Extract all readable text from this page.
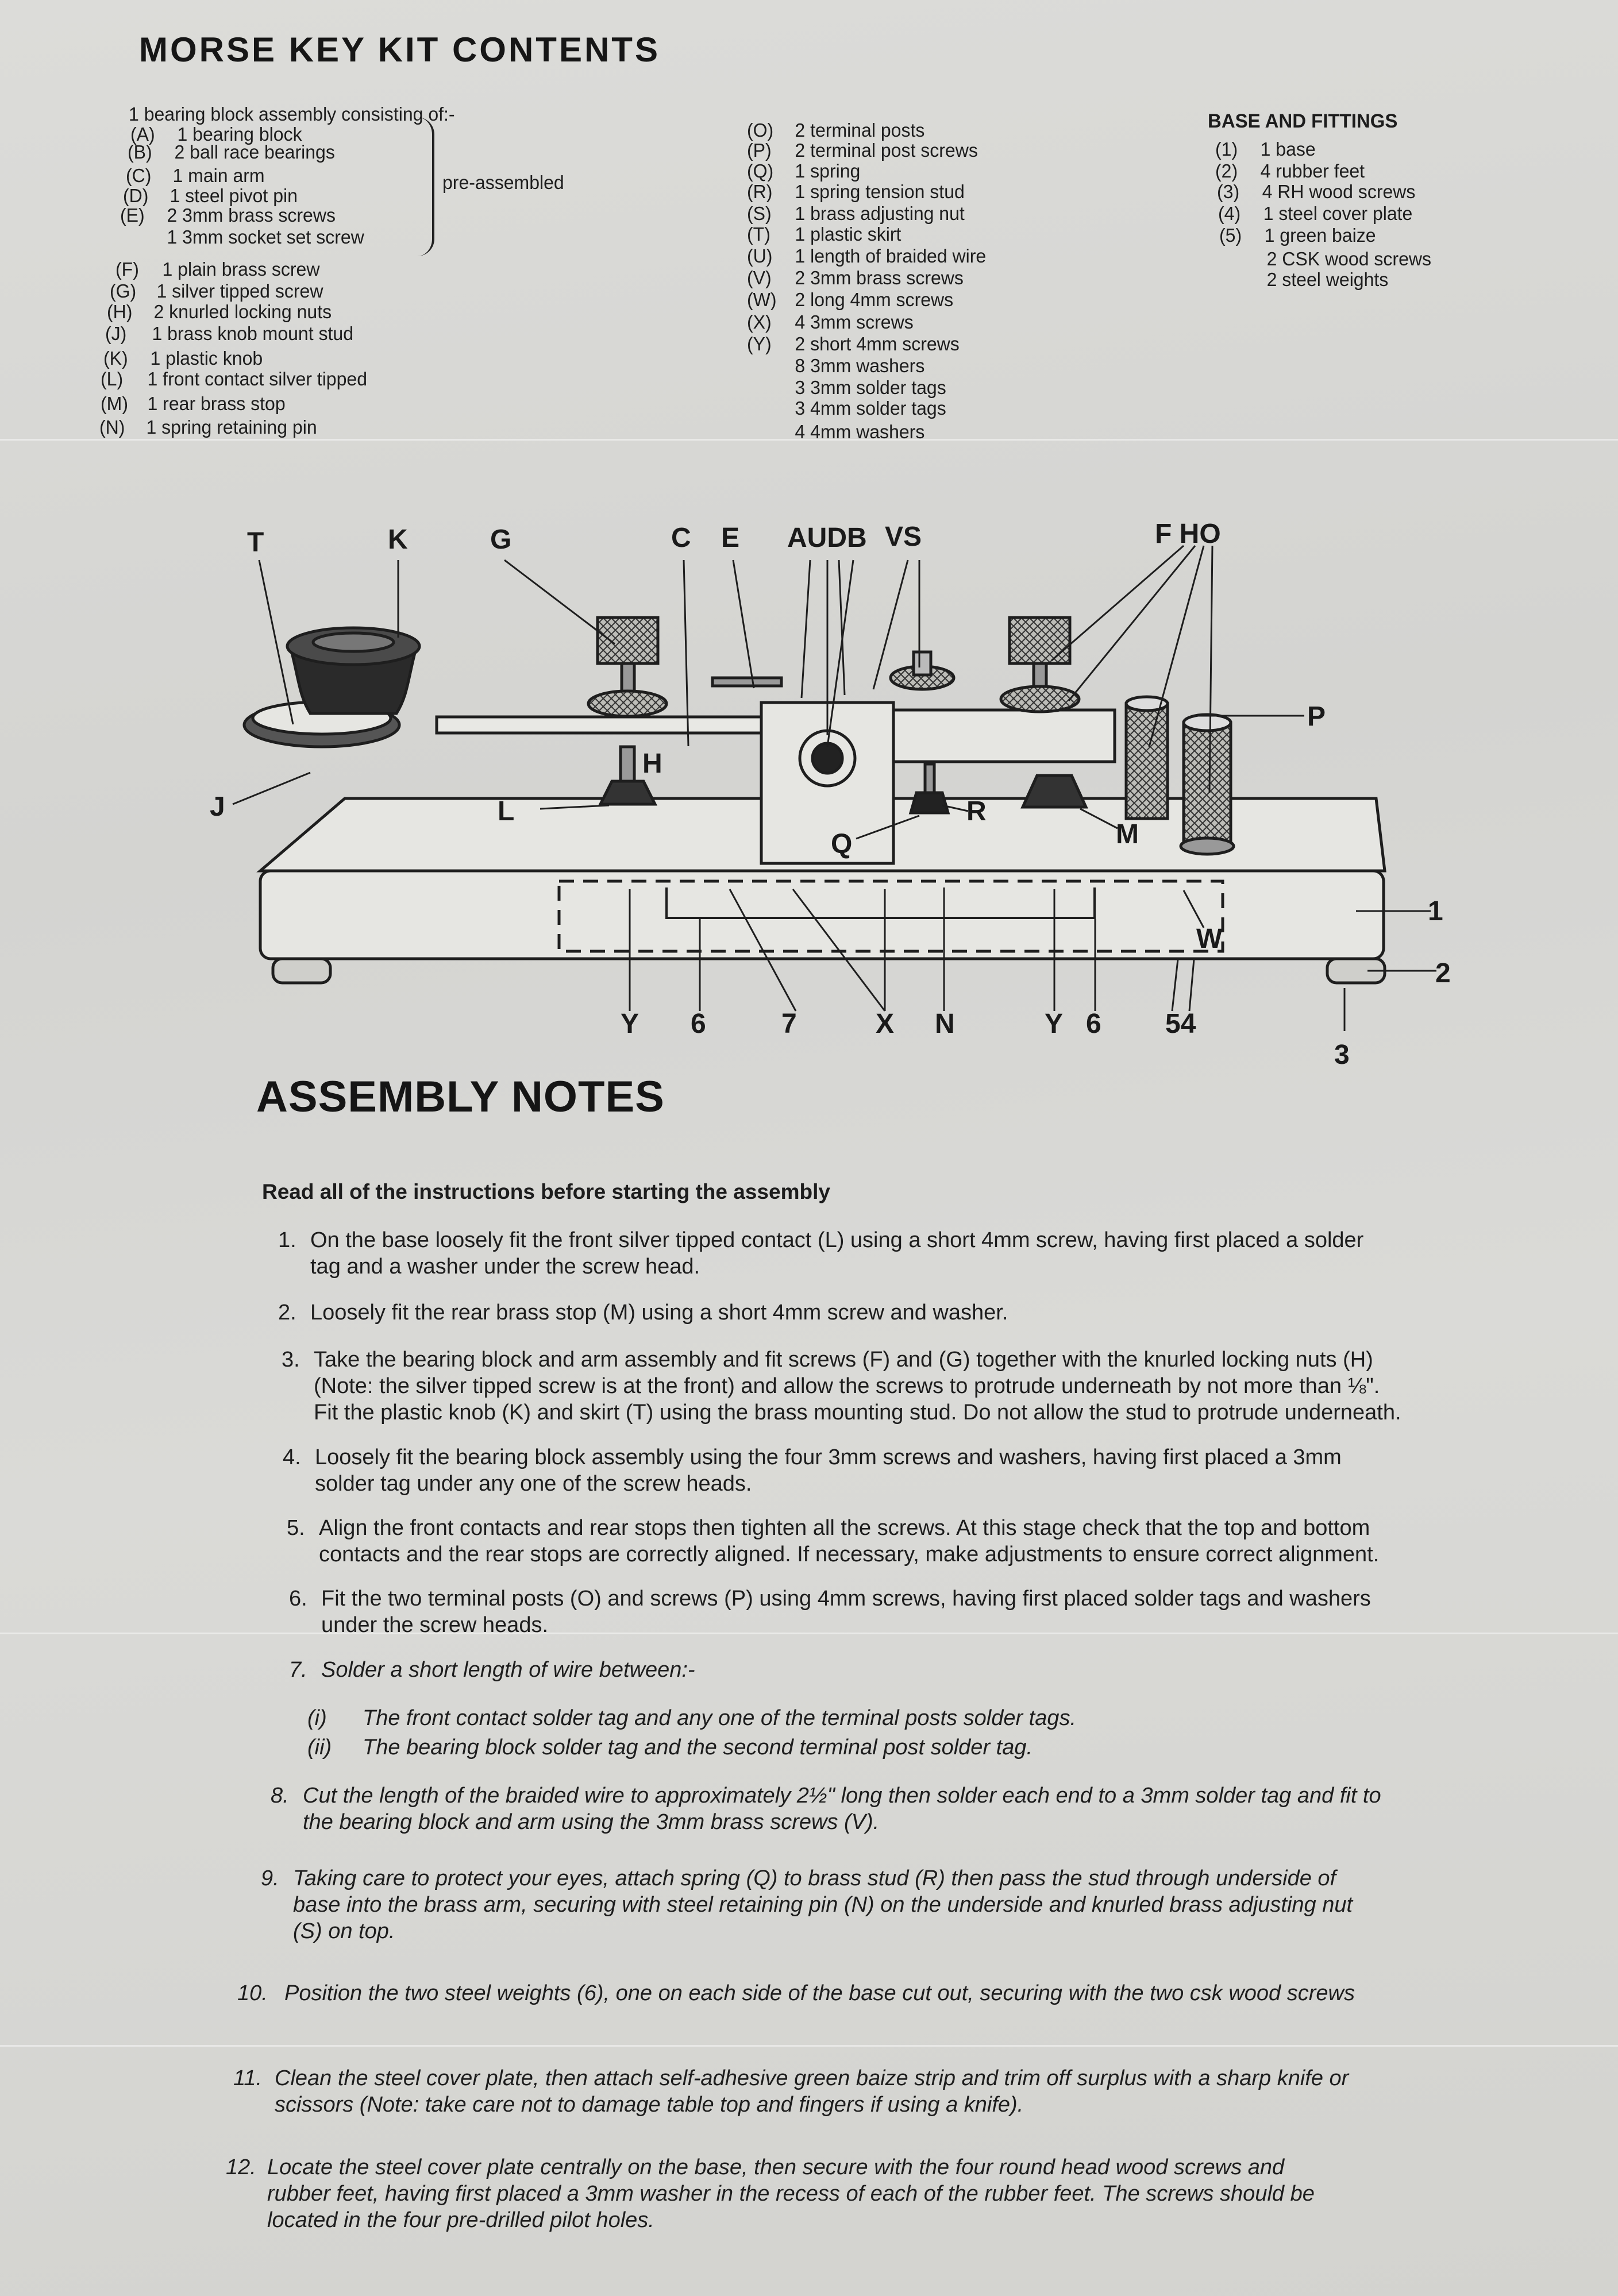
MORSE KEY KIT CONTENTS
1 bearing block assembly consisting of:-
(A) 1 bearing block
(B) 2 ball race bearings
(C) 1 main arm
(D) 1 steel pivot pin
(E) 2 3mm brass screws
1 3mm socket set screw
pre-assembled
(F) 1 plain brass screw
(G) 1 silver tipped screw
(H) 2 knurled locking nuts
(J) 1 brass knob mount stud
(K) 1 plastic knob
(L) 1 front contact silver tipped
(M) 1 rear brass stop
(N) 1 spring retaining pin
(O) 2 terminal posts
(P) 2 terminal post screws
(Q) 1 spring
(R) 1 spring tension stud
(S) 1 brass adjusting nut
(T) 1 plastic skirt
(U) 1 length of braided wire
(V) 2 3mm brass screws
(W) 2 long 4mm screws
(X) 4 3mm screws
(Y) 2 short 4mm screws
8 3mm washers
3 3mm solder tags
3 4mm solder tags
4 4mm washers
BASE AND FITTINGS
(1) 1 base
(2) 4 rubber feet
(3) 4 RH wood screws
(4) 1 steel cover plate
(5) 1 green baize
2 CSK wood screws
2 steel weights
T	K	G	C E AUDB VS	F HO
P
J
H
L	R
Q	M
W
1
2
3
Y 6	7	X N	Y 6 54
ASSEMBLY NOTES
Read all of the instructions before starting the assembly
1. On the base loosely fit the front silver tipped contact (L) using a short 4mm screw, having first placed a solder
tag and a washer under the screw head.
2. Loosely fit the rear brass stop (M) using a short 4mm screw and washer.
3. Take the bearing block and arm assembly and fit screws (F) and (G) together with the knurled locking nuts (H)
(Note: the silver tipped screw is at the front) and allow the screws to protrude underneath by not more than ⅛".
Fit the plastic knob (K) and skirt (T) using the brass mounting stud. Do not allow the stud to protrude underneath.
4. Loosely fit the bearing block assembly using the four 3mm screws and washers, having first placed a 3mm
solder tag under any one of the screw heads.
5. Align the front contacts and rear stops then tighten all the screws. At this stage check that the top and bottom
contacts and the rear stops are correctly aligned. If necessary, make adjustments to ensure correct alignment.
6. Fit the two terminal posts (O) and screws (P) using 4mm screws, having first placed solder tags and washers
under the screw heads.
7. Solder a short length of wire between:-
(i) The front contact solder tag and any one of the terminal posts solder tags.
(ii) The bearing block solder tag and the second terminal post solder tag.
8. Cut the length of the braided wire to approximately 2½" long then solder each end to a 3mm solder tag and fit to
the bearing block and arm using the 3mm brass screws (V).
9. Taking care to protect your eyes, attach spring (Q) to brass stud (R) then pass the stud through underside of
base into the brass arm, securing with steel retaining pin (N) on the underside and knurled brass adjusting nut
(S) on top.
10. Position the two steel weights (6), one on each side of the base cut out, securing with the two csk wood screws
11. Clean the steel cover plate, then attach self-adhesive green baize strip and trim off surplus with a sharp knife or
scissors (Note: take care not to damage table top and fingers if using a knife).
12. Locate the steel cover plate centrally on the base, then secure with the four round head wood screws and
rubber feet, having first placed a 3mm washer in the recess of each of the rubber feet. The screws should be
located in the four pre-drilled pilot holes.
